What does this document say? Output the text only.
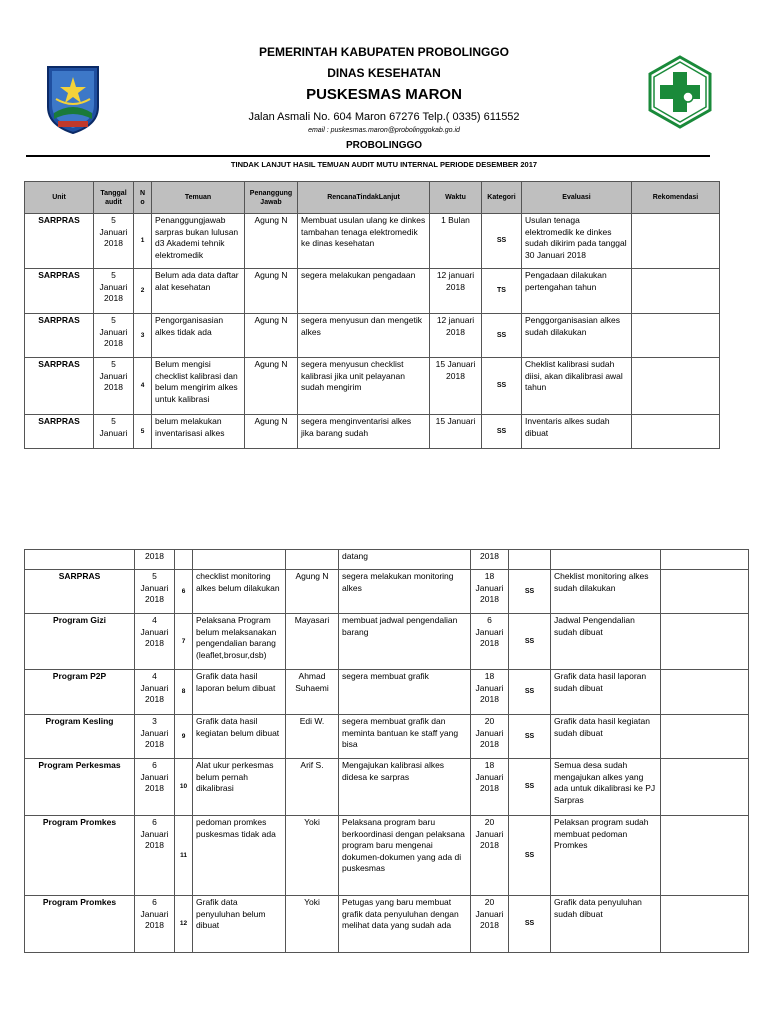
PEMERINTAH KABUPATEN PROBOLINGGO
DINAS KESEHATAN
PUSKESMAS MARON
Jalan Asmali No. 604 Maron 67276 Telp.( 0335) 611552
email : puskesmas.maron@probolinggokab.go.id
PROBOLINGGO
TINDAK LANJUT HASIL TEMUAN AUDIT MUTU INTERNAL PERIODE DESEMBER 2017
Unit	Tanggal audit	N o	Temuan	Penanggung Jawab	RencanaTindakLanjut	Waktu	Kategori	Evaluasi	Rekomendasi
SARPRAS	5 Januari 2018	1	Penanggungjawab sarpras bukan lulusan d3 Akademi tehnik elektromedik	Agung N	Membuat usulan ulang ke dinkes tambahan tenaga elektromedik ke dinas kesehatan	1 Bulan	SS	Usulan tenaga elektromedik ke dinkes sudah dikirim pada tanggal 30 Januari 2018	
SARPRAS	5 Januari 2018	2	Belum ada data daftar alat kesehatan	Agung N	segera melakukan pengadaan	12 januari 2018	TS	Pengadaan dilakukan pertengahan tahun	
SARPRAS	5 Januari 2018	3	Pengorganisasian alkes tidak ada	Agung N	segera menyusun dan mengetik alkes	12 januari 2018	SS	Penggorganisasian alkes sudah dilakukan	
SARPRAS	5 Januari 2018	4	Belum mengisi checklist kalibrasi dan belum mengirim alkes untuk kalibrasi	Agung N	segera menyusun checklist kalibrasi jika unit pelayanan sudah mengirim	15 Januari 2018	SS	Cheklist kalibrasi sudah diisi, akan dikalibrasi awal tahun	
SARPRAS	5 Januari	5	belum melakukan inventarisasi alkes	Agung N	segera menginventarisi alkes jika barang sudah	15 Januari	SS	Inventaris alkes sudah dibuat	
	2018				datang	2018			
SARPRAS	5 Januari 2018	6	checklist monitoring alkes belum dilakukan	Agung N	segera melakukan monitoring alkes	18 Januari 2018	SS	Cheklist monitoring alkes sudah dilakukan	
Program Gizi	4 Januari 2018	7	Pelaksana Program belum melaksanakan pengendalian barang (leaflet,brosur,dsb)	Mayasari	membuat jadwal pengendalian barang	6 Januari 2018	SS	Jadwal Pengendalian sudah dibuat	
Program P2P	4 Januari 2018	8	Grafik data hasil laporan belum dibuat	Ahmad Suhaemi	segera membuat grafik	18 Januari 2018	SS	Grafik data hasil laporan sudah dibuat	
Program Kesling	3 Januari 2018	9	Grafik data hasil kegiatan belum dibuat	Edi W.	segera membuat grafik dan meminta bantuan ke staff yang bisa	20 Januari 2018	SS	Grafik data hasil kegiatan sudah dibuat	
Program Perkesmas	6 Januari 2018	10	Alat ukur perkesmas belum pernah dikalibrasi	Arif S.	Mengajukan kalibrasi alkes didesa ke sarpras	18 Januari 2018	SS	Semua desa sudah mengajukan alkes yang ada untuk dikalibrasi ke PJ Sarpras	
Program Promkes	6 Januari 2018	11	pedoman promkes puskesmas tidak ada	Yoki	Pelaksana program baru berkoordinasi dengan pelaksana program baru mengenai dokumen-dokumen yang ada di puskesmas	20 Januari 2018	SS	Pelaksan program sudah membuat pedoman Promkes	
Program Promkes	6 Januari 2018	12	Grafik data penyuluhan belum dibuat	Yoki	Petugas yang baru membuat grafik data penyuluhan dengan melihat data yang sudah ada	20 Januari 2018	SS	Grafik data penyuluhan sudah dibuat	
